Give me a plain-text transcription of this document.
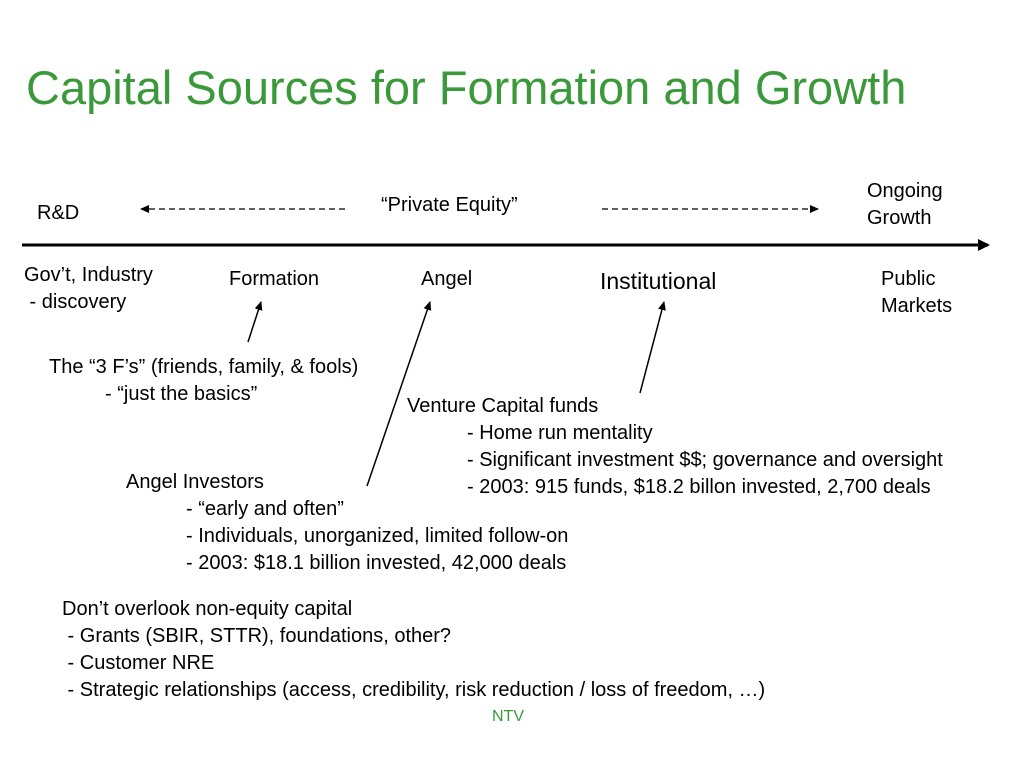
Capital Sources for Formation and Growth
R&D	“Private Equity”
Ongoing
Growth
Gov’t, Industry
- discovery
Formation	Angel	Institutional	Public
Markets
The “3 F’s” (friends, family, & fools)
- “just the basics”
Venture Capital funds
- Home run mentality
- Significant investment $$; governance and oversight
- 2003: 915 funds, $18.2 billon invested, 2,700 deals
Angel Investors
- “early and often”
- Individuals, unorganized, limited follow-on
- 2003: $18.1 billion invested, 42,000 deals
Don’t overlook non-equity capital
- Grants (SBIR, STTR), foundations, other?
- Customer NRE
- Strategic relationships (access, credibility, risk reduction / loss of freedom, …)
NTV
